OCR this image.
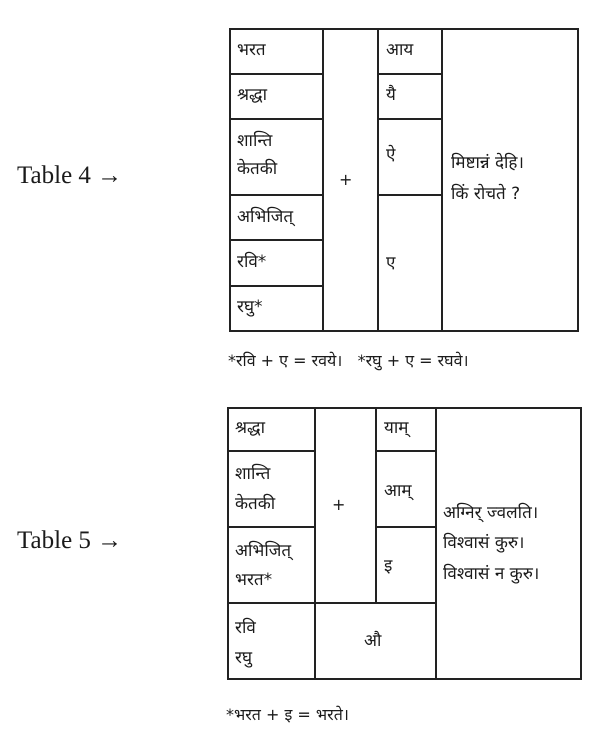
Table 4 →
भरत
श्रद्धा
शान्ति
केतकी
अभिजित्
रवि*
रघु*
+
आय
यै
ऐ
ए
मिष्टान्नं देहि।
किं रोचते ?
*रवि + ए = रवये।   *रघु + ए = रघवे।
Table 5 →
श्रद्धा
शान्ति
केतकी
अभिजित्
भरत*
रवि
रघु
+
याम्
आम्
इ
औ
अग्निर् ज्वलति।
विश्वासं कुरु।
विश्वासं न कुरु।
*भरत + इ = भरते।
